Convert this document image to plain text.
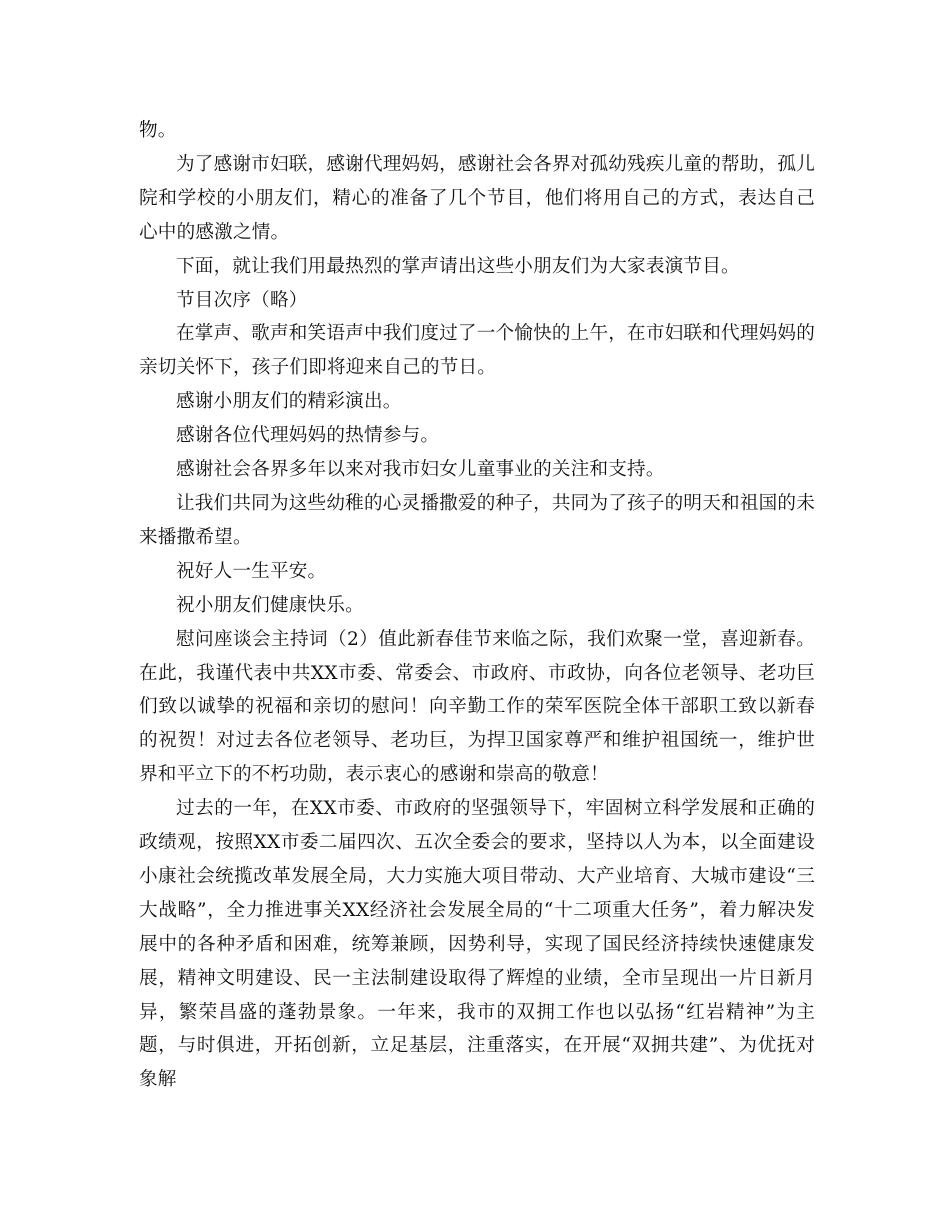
物。

为了感谢市妇联，感谢代理妈妈，感谢社会各界对孤幼残疾儿童的帮助，孤儿院和学校的小朋友们，精心的准备了几个节目，他们将用自己的方式，表达自己心中的感激之情。

下面，就让我们用最热烈的掌声请出这些小朋友们为大家表演节目。

节目次序（略）

在掌声、歌声和笑语声中我们度过了一个愉快的上午，在市妇联和代理妈妈的亲切关怀下，孩子们即将迎来自己的节日。

感谢小朋友们的精彩演出。

感谢各位代理妈妈的热情参与。

感谢社会各界多年以来对我市妇女儿童事业的关注和支持。

让我们共同为这些幼稚的心灵播撒爱的种子，共同为了孩子的明天和祖国的未来播撒希望。

祝好人一生平安。

祝小朋友们健康快乐。

慰问座谈会主持词（2）值此新春佳节来临之际，我们欢聚一堂，喜迎新春。在此，我谨代表中共XX市委、常委会、市政府、市政协，向各位老领导、老功巨们致以诚挚的祝福和亲切的慰问！向辛勤工作的荣军医院全体干部职工致以新春的祝贺！对过去各位老领导、老功巨，为捍卫国家尊严和维护祖国统一，维护世界和平立下的不朽功勋，表示衷心的感谢和崇高的敬意！

过去的一年，在XX市委、市政府的坚强领导下，牢固树立科学发展和正确的政绩观，按照XX市委二届四次、五次全委会的要求，坚持以人为本，以全面建设小康社会统揽改革发展全局，大力实施大项目带动、大产业培育、大城市建设“三大战略”，全力推进事关XX经济社会发展全局的“十二项重大任务”，着力解决发展中的各种矛盾和困难，统筹兼顾，因势利导，实现了国民经济持续快速健康发展，精神文明建设、民一主法制建设取得了辉煌的业绩，全市呈现出一片日新月异，繁荣昌盛的蓬勃景象。一年来，我市的双拥工作也以弘扬“红岩精神”为主题，与时俱进，开拓创新，立足基层，注重落实，在开展“双拥共建”、为优抚对象解
